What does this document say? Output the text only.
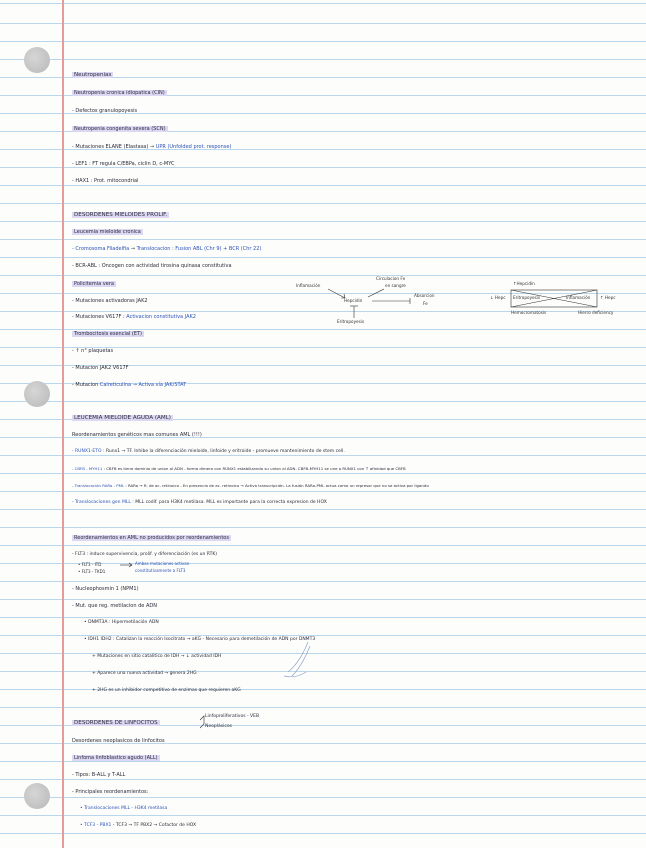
Neutropenias
Neutropenia cronica idiopatica (CIN)
- Defectos granulopoyesis
Neutropenia congenita severa (SCN)
- Mutaciones ELANE (Elastasa) → UPR (Unfolded prot. response)
- LEF1 : FT regula C/EBPa, ciclin D, c-MYC
- HAX1 : Prot. mitocondrial
DESORDENES MIELOIDES PROLIF.
Leucemia mieloide cronica
- Cromosoma Filadelfia → Translocacion : Fusion ABL (Chr 9) + BCR (Chr 22)
- BCR-ABL : Oncogen con actividad tirosina quinasa constitutiva
Policitemia vera
- Mutaciones activadoras JAK2
- Mutaciones V617F : Activacion constitutiva JAK2
Trombocitosis esencial (ET)
- ↑ n° plaquetas
- Mutacion JAK2 V617F
- Mutacion Calreticulina → Activa vía JAK/STAT
Inflamación
Circulacion Fe
en sangre
Hepcidin
Absorcion
Fe
Eritropoyesis
↑Hepcidin
↓ Hepc Eritropoyesis	Inflamación ↑ Hepc
Hemocromatosis	Hierro deficiency
LEUCEMIA MIELOIDE AGUDA (AML)
Reordenamientos genéticos mas comunes AML (!!!)
- RUNX1-ETO : Runx1 → TF. Inhibe la diferenciación mieloide, linfoide y eritroide - promueve mantenimiento de stem cell.
- CBFB - MYH11 : CBFB es tiene dominio de union al ADN - forma dimero con RUNX1 estabilizando su union al ADN. CBFB-MYH11 se une a RUNX1 con ↑ afinidad que CBFB
- Translocación RARa - PML : RARa → R. de ac. retinoico - En presencia de ac. retinoico → Activa transcripción. La fusión RARa-PML actua como un represor que no se activa por ligando
- Translocaciones gen MLL : MLL codif. para H3K4 metilasa. MLL es importante para la correcta expresion de HOX
Reordenamientos en AML no producidos por reordenamientos
- FLT3 : induce supervivencia, prolif. y diferenciación (es un RTK)
• FLT3 - ITD
• FLT3 - TKD1
Ambas mutaciones activan
constitutivamente a FLT3
- Nucleophosmin 1 (NPM1)
- Mut. que reg. metilacion de ADN
• DNMT3A : Hipermetilación ADN
• IDH1 IDH2 : Catalizan la reacción Isocitrato → aKG - Necesario para demetilación de ADN por DNMT3
+ Mutaciones en sitio catalitico de IDH → ↓ actividad IDH
+ Aparece una nueva actividad → genera 2HG
+ 2HG es un inhibidor competitivo de enzimas que requieren aKG
DESORDENES DE LINFOCITOS
Linfoproliferativos - VEB
Neoplásicos
Desordenes neoplasicos de linfocitos
Linfoma linfoblastico agudo (ALL)
- Tipos: B-ALL y T-ALL
- Principales reordenamientos:
• Translocaciones MLL - H3K4 metilasa
• TCF3 - PBX1 - TCF3 → TF PBX2 → Cofactor de HOX
